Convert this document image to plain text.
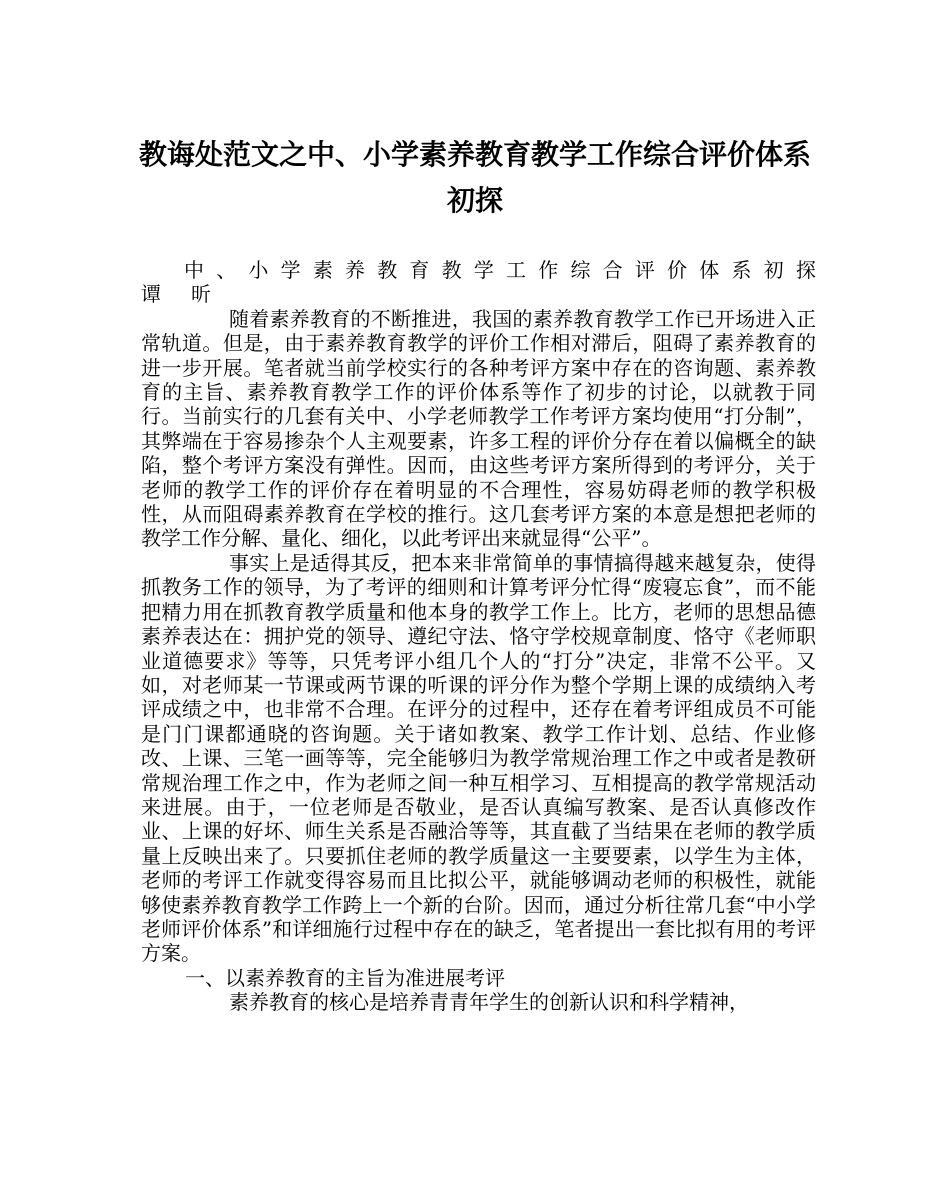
教诲处范文之中、小学素养教育教学工作综合评价体系
初探
中 、 小 学 素 养 教 育 教 学 工 作 综 合 评 价 体 系 初 探
谭 昕

随着素养教育的不断推进，我国的素养教育教学工作已开场进入正常轨道。但是，由于素养教育教学的评价工作相对滞后，阻碍了素养教育的进一步开展。笔者就当前学校实行的各种考评方案中存在的咨询题、素养教育的主旨、素养教育教学工作的评价体系等作了初步的讨论，以就教于同行。当前实行的几套有关中、小学老师教学工作考评方案均使用“打分制”，其弊端在于容易掺杂个人主观要素，许多工程的评价分存在着以偏概全的缺陷，整个考评方案没有弹性。因而，由这些考评方案所得到的考评分，关于老师的教学工作的评价存在着明显的不合理性，容易妨碍老师的教学积极性，从而阻碍素养教育在学校的推行。这几套考评方案的本意是想把老师的教学工作分解、量化、细化，以此考评出来就显得“公平”。

事实上是适得其反，把本来非常简单的事情搞得越来越复杂，使得抓教务工作的领导，为了考评的细则和计算考评分忙得“废寝忘食”，而不能把精力用在抓教育教学质量和他本身的教学工作上。比方，老师的思想品德素养表达在：拥护党的领导、遵纪守法、恪守学校规章制度、恪守《老师职业道德要求》等等，只凭考评小组几个人的“打分”决定，非常不公平。又如，对老师某一节课或两节课的听课的评分作为整个学期上课的成绩纳入考评成绩之中，也非常不合理。在评分的过程中，还存在着考评组成员不可能是门门课都通晓的咨询题。关于诸如教案、教学工作计划、总结、作业修改、上课、三笔一画等等，完全能够归为教学常规治理工作之中或者是教研常规治理工作之中，作为老师之间一种互相学习、互相提高的教学常规活动来进展。由于，一位老师是否敬业，是否认真编写教案、是否认真修改作业、上课的好坏、师生关系是否融洽等等，其直截了当结果在老师的教学质量上反映出来了。只要抓住老师的教学质量这一主要要素，以学生为主体，老师的考评工作就变得容易而且比拟公平，就能够调动老师的积极性，就能够使素养教育教学工作跨上一个新的台阶。因而，通过分析往常几套“中小学老师评价体系”和详细施行过程中存在的缺乏，笔者提出一套比拟有用的考评方案。

一、以素养教育的主旨为准进展考评

素养教育的核心是培养青青年学生的创新认识和科学精神，
